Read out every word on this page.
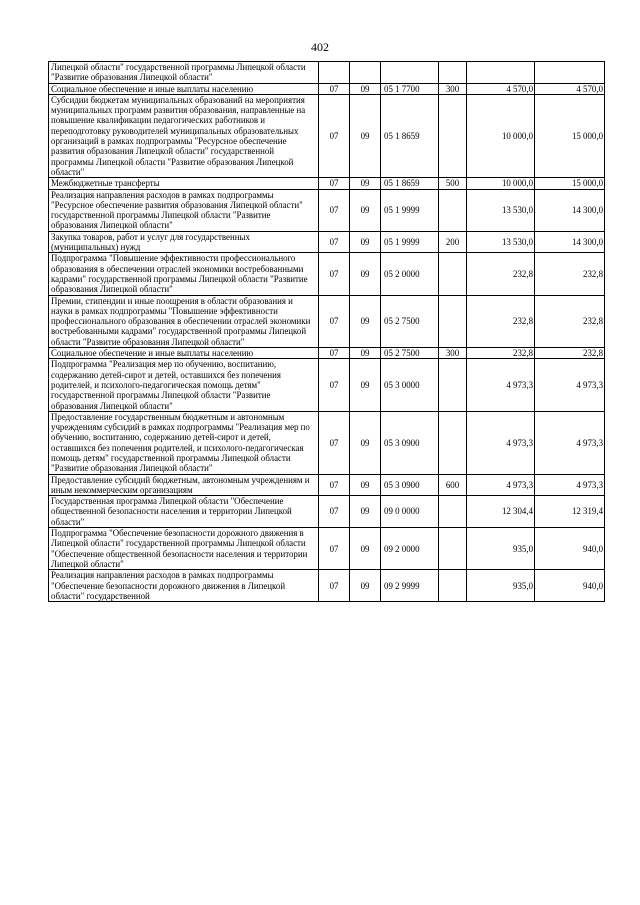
402
Липецкой области" государственной программы Липецкой области "Развитие образования Липецкой области"						
Социальное обеспечение и иные выплаты населению	07	09	05 1 7700	300	4 570,0	4 570,0
Субсидии бюджетам муниципальных образований на мероприятия муниципальных программ развития образования, направленные на повышение квалификации педагогических работников и переподготовку руководителей муниципальных образовательных организаций в рамках подпрограммы "Ресурсное обеспечение развития образования Липецкой области" государственной программы Липецкой области "Развитие образования Липецкой области"	07	09	05 1 8659		10 000,0	15 000,0
Межбюджетные трансферты	07	09	05 1 8659	500	10 000,0	15 000,0
Реализация направления расходов в рамках подпрограммы "Ресурсное обеспечение развития образования Липецкой области" государственной программы Липецкой области "Развитие образования Липецкой области"	07	09	05 1 9999		13 530,0	14 300,0
Закупка товаров, работ и услуг для государственных (муниципальных) нужд	07	09	05 1 9999	200	13 530,0	14 300,0
Подпрограмма "Повышение эффективности профессионального образования в обеспечении отраслей экономики востребованными кадрами" государственной программы Липецкой области "Развитие образования Липецкой области"	07	09	05 2 0000		232,8	232,8
Премии, стипендии и иные поощрения в области образования и науки в рамках подпрограммы "Повышение эффективности профессионального образования в обеспечении отраслей экономики востребованными кадрами" государственной программы Липецкой области "Развитие образования Липецкой области"	07	09	05 2 7500		232,8	232,8
Социальное обеспечение и иные выплаты населению	07	09	05 2 7500	300	232,8	232,8
Подпрограмма "Реализация мер по обучению, воспитанию, содержанию детей-сирот и детей, оставшихся без попечения родителей, и психолого-педагогическая помощь детям" государственной программы Липецкой области "Развитие образования Липецкой области"	07	09	05 3 0000		4 973,3	4 973,3
Предоставление государственным бюджетным и автономным учреждениям субсидий в рамках подпрограммы "Реализация мер по обучению, воспитанию, содержанию детей-сирот и детей, оставшихся без попечения родителей, и психолого-педагогическая помощь детям" государственной программы Липецкой области "Развитие образования Липецкой области"	07	09	05 3 0900		4 973,3	4 973,3
Предоставление субсидий бюджетным, автономным учреждениям и иным некоммерческим организациям	07	09	05 3 0900	600	4 973,3	4 973,3
Государственная программа Липецкой области "Обеспечение общественной безопасности населения и территории Липецкой области"	07	09	09 0 0000		12 304,4	12 319,4
Подпрограмма "Обеспечение безопасности дорожного движения в Липецкой области" государственной программы Липецкой области "Обеспечение общественной безопасности населения и территории Липецкой области"	07	09	09 2 0000		935,0	940,0
Реализация направления расходов в рамках подпрограммы "Обеспечение безопасности дорожного движения в Липецкой области" государственной	07	09	09 2 9999		935,0	940,0
